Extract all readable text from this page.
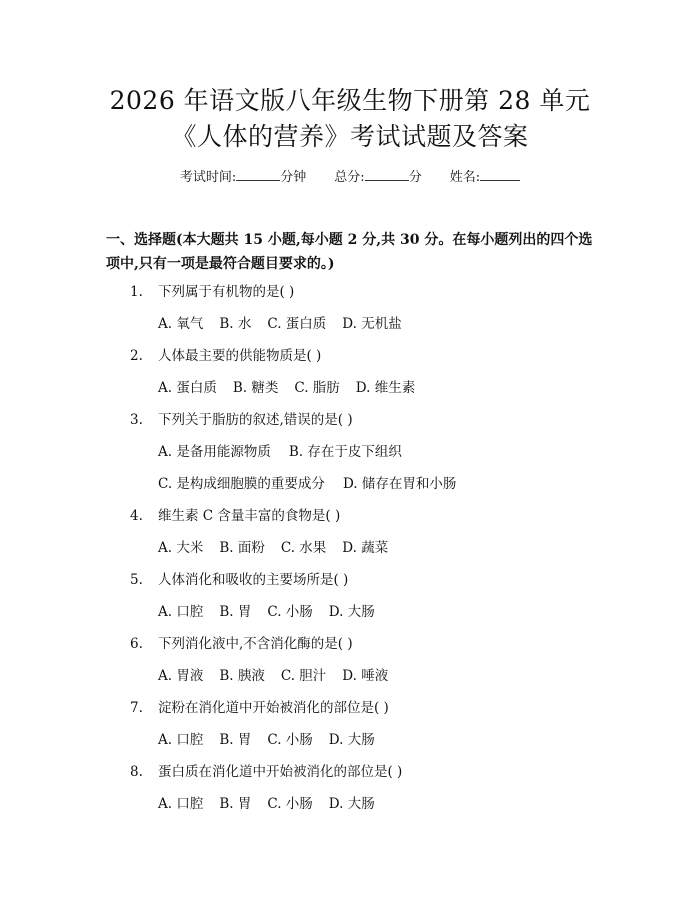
2026 年语文版八年级生物下册第 28 单元
《人体的营养》考试试题及答案
考试时间:	分钟 总分:	分 姓名:
一、选择题(本大题共 15 小题,每小题 2 分,共 30 分。在每小题列出的四个选
项中,只有一项是最符合题目要求的。)
1. 下列属于有机物的是( )
A. 氧气 B. 水 C. 蛋白质 D. 无机盐
2. 人体最主要的供能物质是( )
A. 蛋白质 B. 糖类 C. 脂肪 D. 维生素
3. 下列关于脂肪的叙述,错误的是( )
A. 是备用能源物质 B. 存在于皮下组织
C. 是构成细胞膜的重要成分 D. 储存在胃和小肠
4. 维生素 C 含量丰富的食物是( )
A. 大米 B. 面粉 C. 水果 D. 蔬菜
5. 人体消化和吸收的主要场所是( )
A. 口腔 B. 胃 C. 小肠 D. 大肠
6. 下列消化液中,不含消化酶的是( )
A. 胃液 B. 胰液 C. 胆汁 D. 唾液
7. 淀粉在消化道中开始被消化的部位是( )
A. 口腔 B. 胃 C. 小肠 D. 大肠
8. 蛋白质在消化道中开始被消化的部位是( )
A. 口腔 B. 胃 C. 小肠 D. 大肠
